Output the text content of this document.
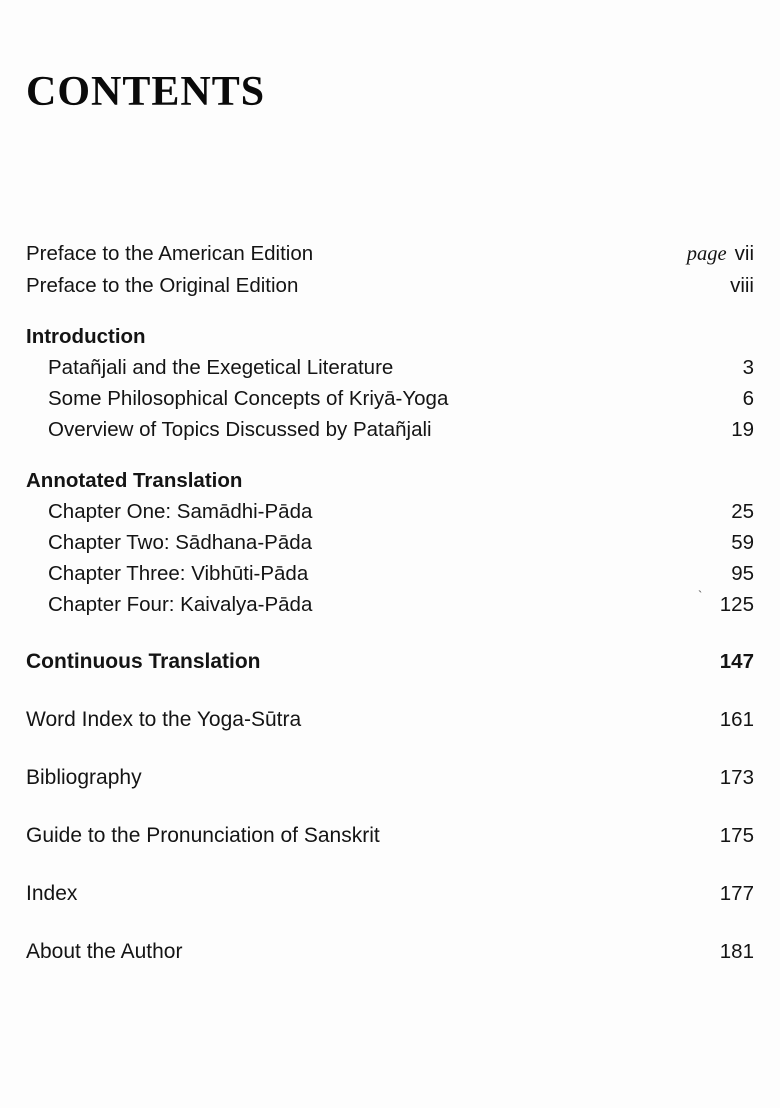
CONTENTS
Preface to the American Edition	page vii
Preface to the Original Edition	viii
Introduction
Patañjali and the Exegetical Literature	3
Some Philosophical Concepts of Kriyā-Yoga	6
Overview of Topics Discussed by Patañjali	19
Annotated Translation
Chapter One: Samādhi-Pāda	25
Chapter Two: Sādhana-Pāda	59
Chapter Three: Vibhūti-Pāda	95
Chapter Four: Kaivalya-Pāda	125
Continuous Translation	147
Word Index to the Yoga-Sūtra	161
Bibliography	173
Guide to the Pronunciation of Sanskrit	175
Index	177
About the Author	181
`
